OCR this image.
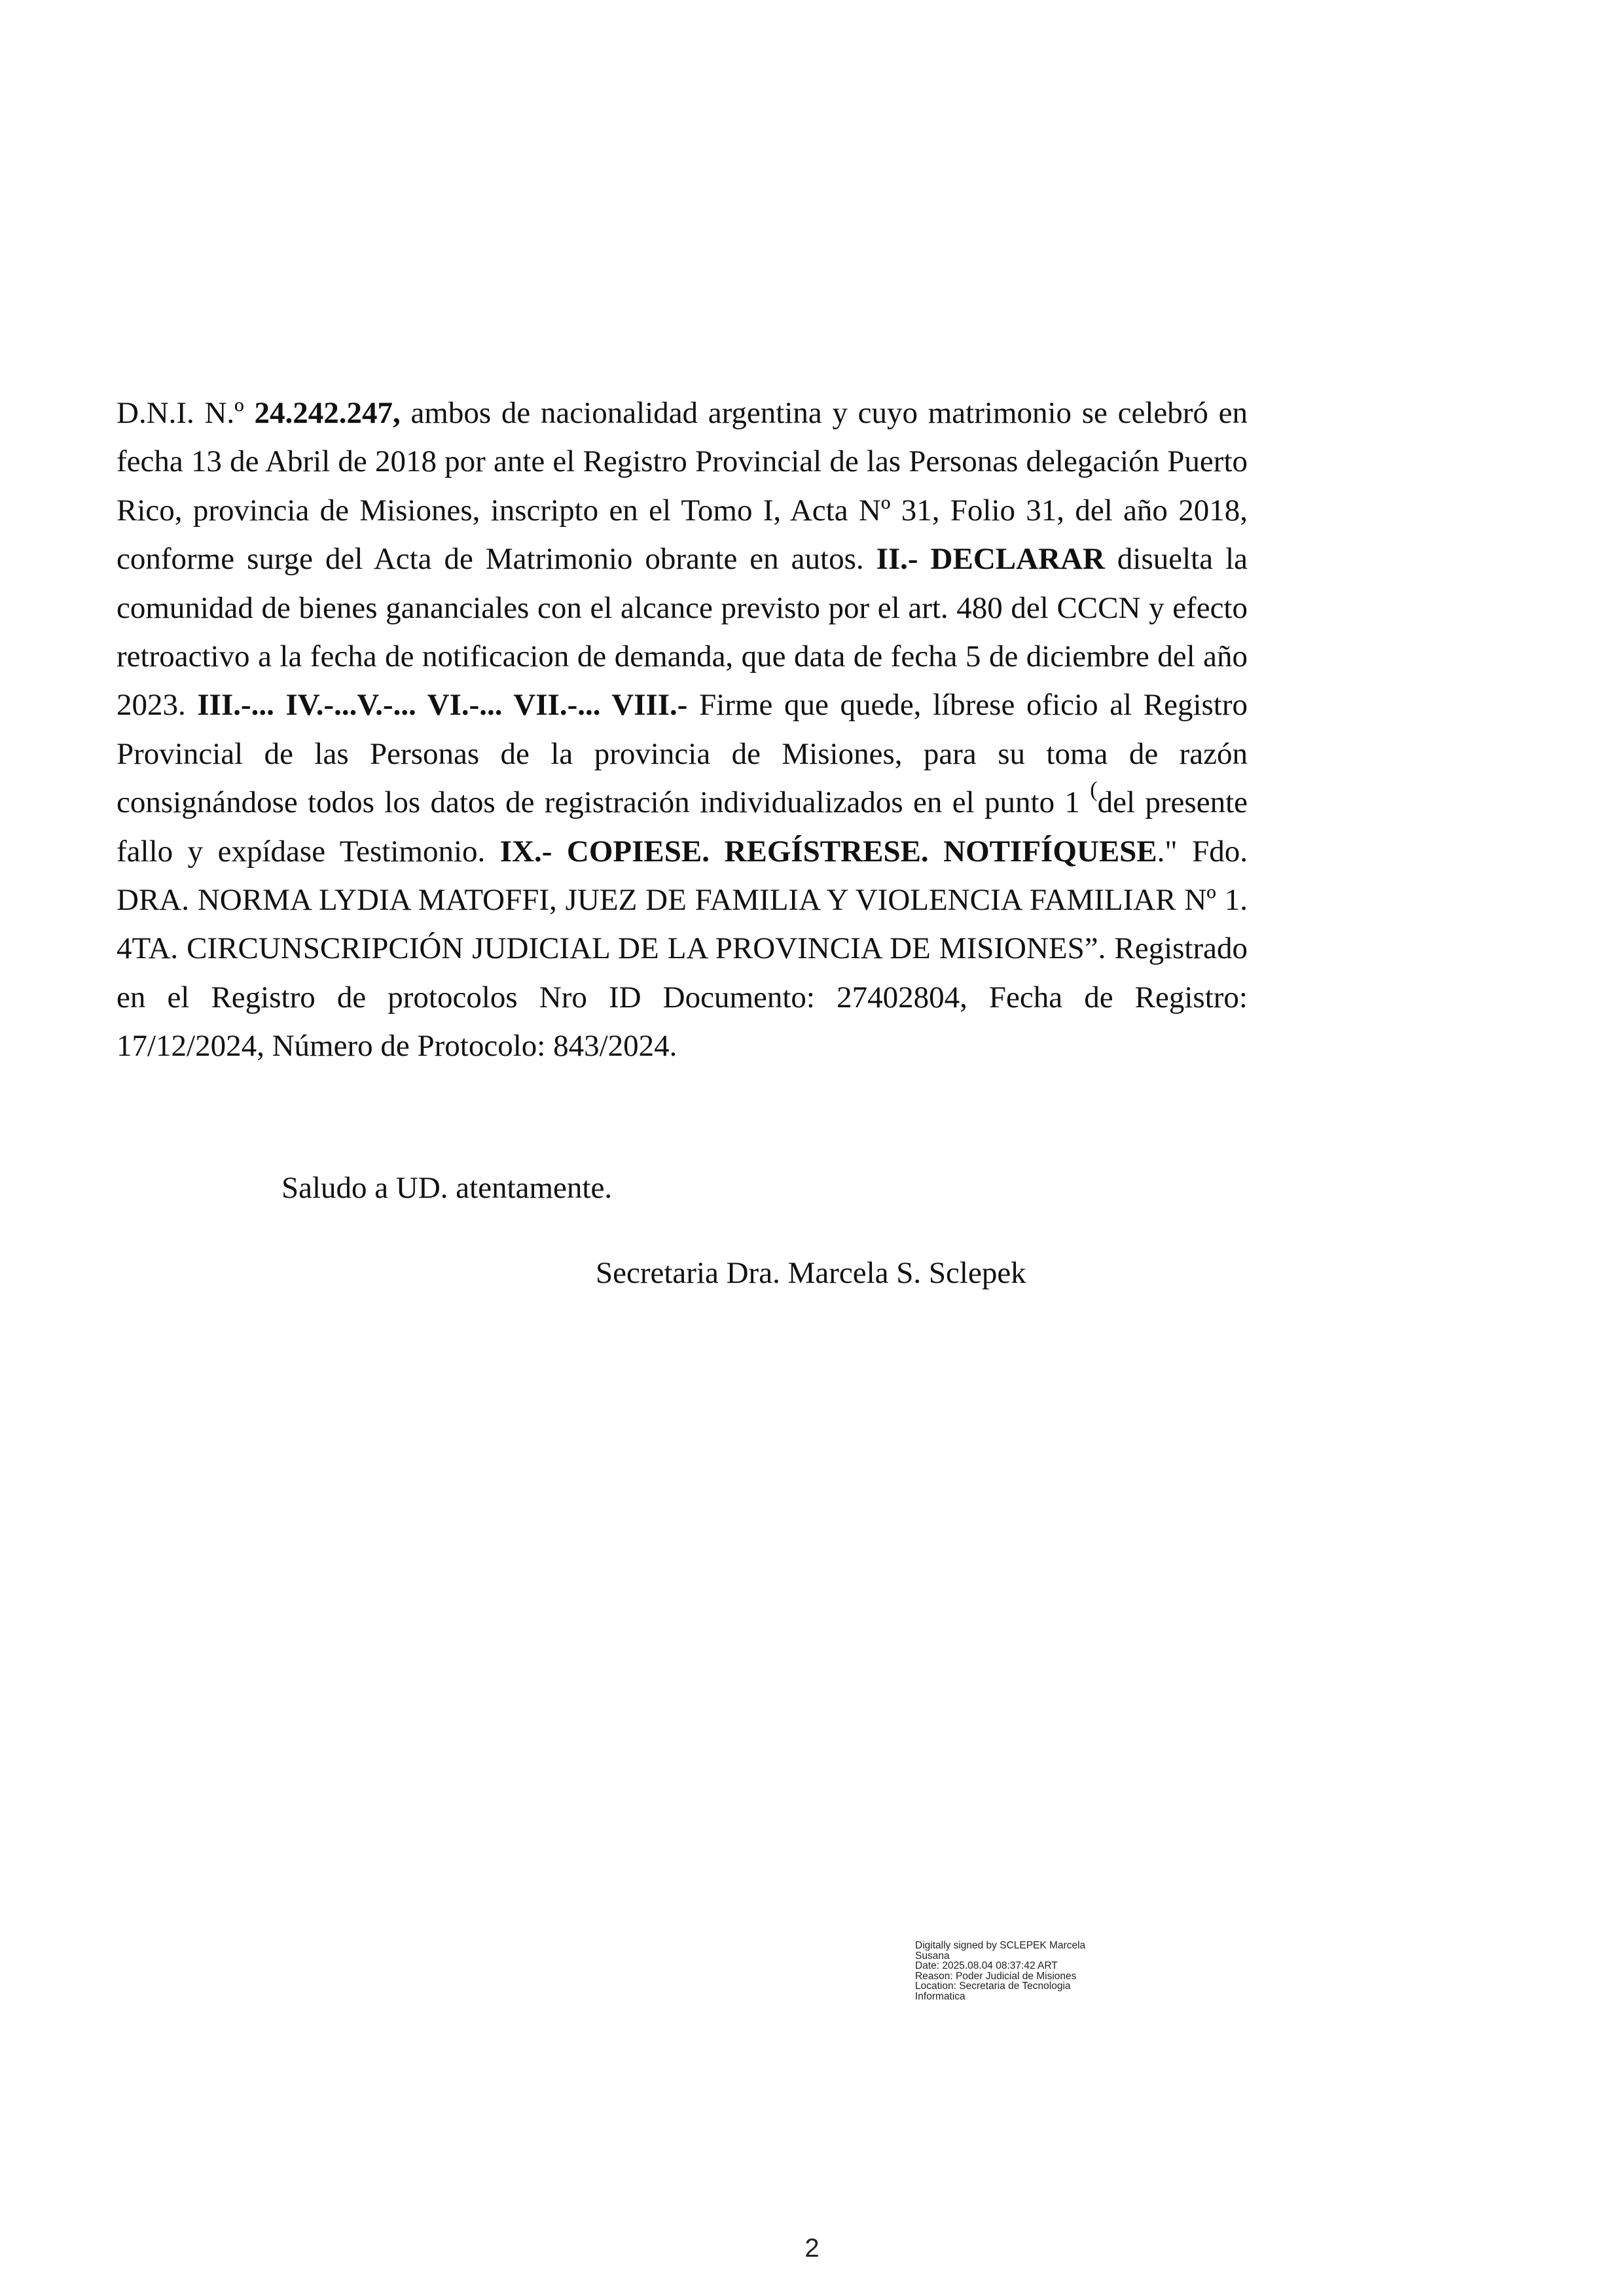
D.N.I. N.º 24.242.247, ambos de nacionalidad argentina y cuyo matrimonio se celebró en fecha 13 de Abril de 2018 por ante el Registro Provincial de las Personas delegación Puerto Rico, provincia de Misiones, inscripto en el Tomo I, Acta Nº 31, Folio 31, del año 2018, conforme surge del Acta de Matrimonio obrante en autos. II.- DECLARAR disuelta la comunidad de bienes gananciales con el alcance previsto por el art. 480 del CCCN y efecto retroactivo a la fecha de notificacion de demanda, que data de fecha 5 de diciembre del año 2023. III.-... IV.-...V.-... VI.-... VII.-... VIII.- Firme que quede, líbrese oficio al Registro Provincial de las Personas de la provincia de Misiones, para su toma de razón consignándose todos los datos de registración individualizados en el punto 1 (del presente fallo y expídase Testimonio. IX.- COPIESE. REGÍSTRESE. NOTIFÍQUESE." Fdo. DRA. NORMA LYDIA MATOFFI, JUEZ DE FAMILIA Y VIOLENCIA FAMILIAR Nº 1. 4TA. CIRCUNSCRIPCIÓN JUDICIAL DE LA PROVINCIA DE MISIONES”. Registrado en el Registro de protocolos Nro ID Documento: 27402804, Fecha de Registro: 17/12/2024, Número de Protocolo: 843/2024.

Saludo a UD. atentamente.

Secretaria Dra. Marcela S. Sclepek

Digitally signed by SCLEPEK Marcela
Susana
Date: 2025.08.04 08:37:42 ART
Reason: Poder Judicial de Misiones
Location: Secretaria de Tecnologia
Informatica
2
